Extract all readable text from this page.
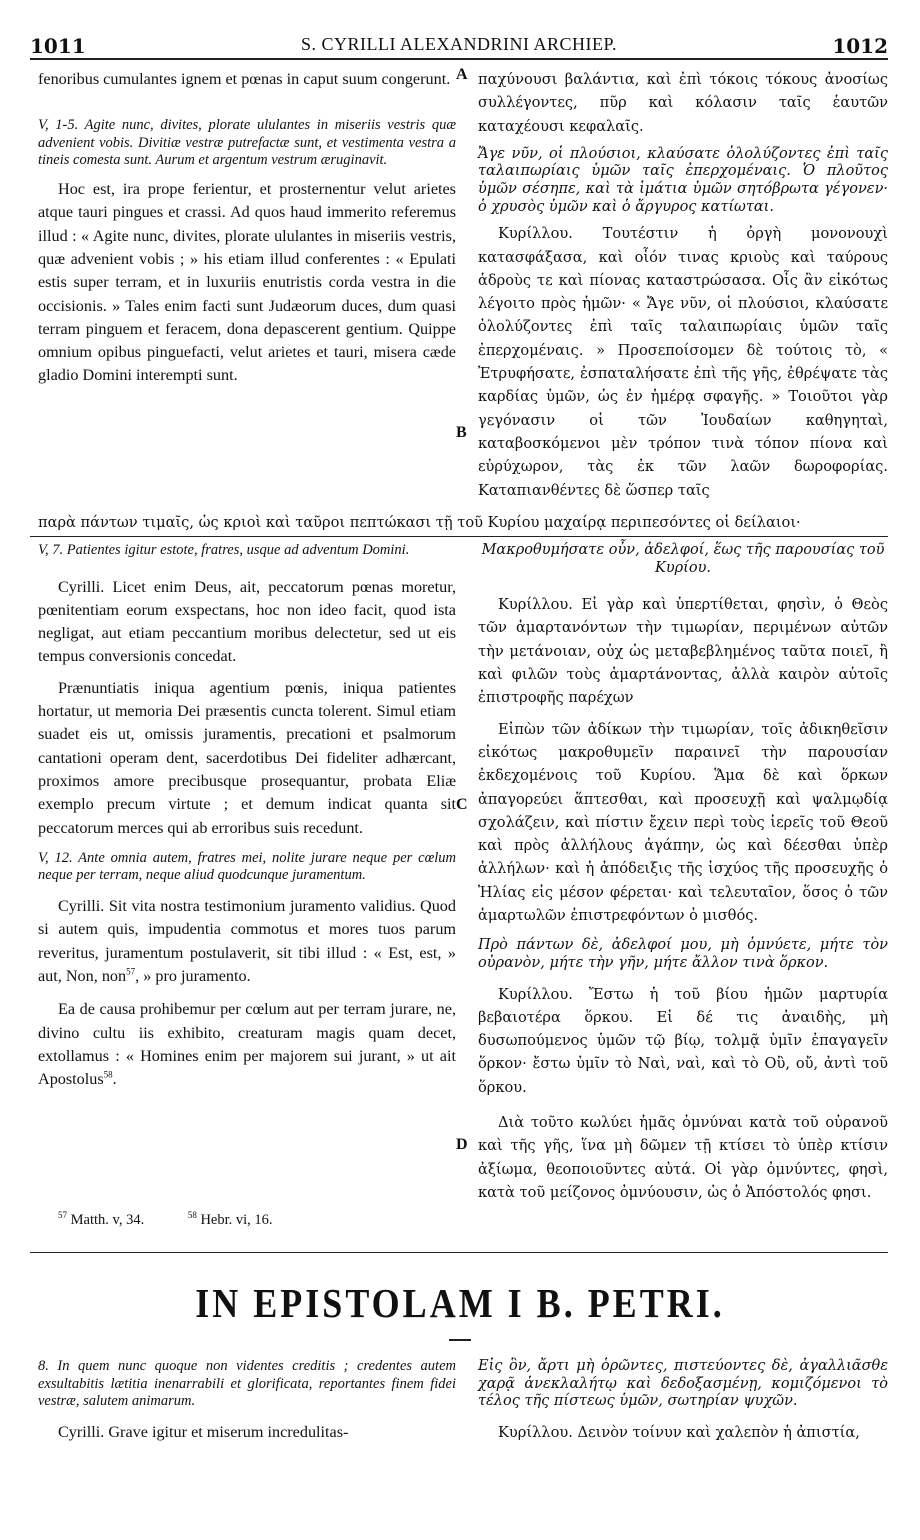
1011	S. CYRILLI ALEXANDRINI ARCHIEP.	1012
A
B
C
D

fenoribus cumulantes ignem et pœnas in caput suum congerunt.

V, 1-5. Agite nunc, divites, plorate ululantes in miseriis vestris quæ advenient vobis. Divitiæ vestræ putrefactæ sunt, et vestimenta vestra a tineis comesta sunt. Aurum et argentum vestrum æruginavit.

Hoc est, ira prope ferientur, et prosternentur velut arietes atque tauri pingues et crassi. Ad quos haud immerito referemus illud : « Agite nunc, divites, plorate ululantes in miseriis vestris, quæ advenient vobis ; » his etiam illud conferentes : « Epulati estis super terram, et in luxuriis enutristis corda vestra in die occisionis. » Tales enim facti sunt Judæorum duces, dum quasi terram pinguem et feracem, dona depascerent gentium. Quippe omnium opibus pinguefacti, velut arietes et tauri, misera cæde gladio Domini interempti sunt.

παχύνουσι βαλάντια, καὶ ἐπὶ τόκοις τόκους ἀνοσίως συλλέγοντες, πῦρ καὶ κόλασιν ταῖς ἑαυτῶν καταχέουσι κεφαλαῖς.

Ἄγε νῦν, οἱ πλούσιοι, κλαύσατε ὀλολύζοντες ἐπὶ ταῖς ταλαιπωρίαις ὑμῶν ταῖς ἐπερχομέναις. Ὁ πλοῦτος ὑμῶν σέσηπε, καὶ τὰ ἱμάτια ὑμῶν σητόβρωτα γέγονεν· ὁ χρυσὸς ὑμῶν καὶ ὁ ἄργυρος κατίωται.

Κυρίλλου. Τουτέστιν ἡ ὀργὴ μονονουχὶ κατασφάξασα, καὶ οἷόν τινας κριοὺς καὶ ταύρους ἁδροὺς τε καὶ πίονας καταστρώσασα. Οἷς ἂν εἰκότως λέγοιτο πρὸς ἡμῶν· « Ἄγε νῦν, οἱ πλούσιοι, κλαύσατε ὀλολύζοντες ἐπὶ ταῖς ταλαιπωρίαις ὑμῶν ταῖς ἐπερχομέναις. » Προσεποίσομεν δὲ τούτοις τὸ, « Ἐτρυφήσατε, ἐσπαταλήσατε ἐπὶ τῆς γῆς, ἐθρέψατε τὰς καρδίας ὑμῶν, ὡς ἐν ἡμέρᾳ σφαγῆς. » Τοιοῦτοι γὰρ γεγόνασιν οἱ τῶν Ἰουδαίων καθηγηταὶ, καταβοσκόμενοι μὲν τρόπον τινὰ τόπον πίονα καὶ εὐρύχωρον, τὰς ἐκ τῶν λαῶν δωροφορίας. Καταπιανθέντες δὲ ὥσπερ ταῖς

παρὰ πάντων τιμαῖς, ὡς κριοὶ καὶ ταῦροι πεπτώκασι τῇ τοῦ Κυρίου μαχαίρᾳ περιπεσόντες οἱ δείλαιοι·

V, 7. Patientes igitur estote, fratres, usque ad adventum Domini.

Cyrilli. Licet enim Deus, ait, peccatorum pœnas moretur, pœnitentiam eorum exspectans, hoc non ideo facit, quod ista negligat, aut etiam peccantium moribus delectetur, sed ut eis tempus conversionis concedat.

Prænuntiatis iniqua agentium pœnis, iniqua patientes hortatur, ut memoria Dei præsentis cuncta tolerent. Simul etiam suadet eis ut, omissis juramentis, precationi et psalmorum cantationi operam dent, sacerdotibus Dei fideliter adhærcant, proximos amore precibusque prosequantur, probata Eliæ exemplo precum virtute ; et demum indicat quanta sit peccatorum merces qui ab erroribus suis recedunt.

V, 12. Ante omnia autem, fratres mei, nolite jurare neque per cœlum neque per terram, neque aliud quodcunque juramentum.

Cyrilli. Sit vita nostra testimonium juramento validius. Quod si autem quis, impudentia commotus et mores tuos parum reveritus, juramentum postulaverit, sit tibi illud : « Est, est, » aut, Non, non$^{57}$, » pro juramento.

Ea de causa prohibemur per cœlum aut per terram jurare, ne, divino cultu iis exhibito, creaturam magis quam decet, extollamus : « Homines enim per majorem sui jurant, » ut ait Apostolus$^{58}$.

Μακροθυμήσατε οὖν, ἀδελφοί, ἕως τῆς παρουσίας τοῦ Κυρίου.

Κυρίλλου. Εἰ γὰρ καὶ ὑπερτίθεται, φησὶν, ὁ Θεὸς τῶν ἁμαρτανόντων τὴν τιμωρίαν, περιμένων αὐτῶν τὴν μετάνοιαν, οὐχ ὡς μεταβεβλημένος ταῦτα ποιεῖ, ἢ καὶ φιλῶν τοὺς ἁμαρτάνοντας, ἀλλὰ καιρὸν αὐτοῖς ἐπιστροφῆς παρέχων

Εἰπὼν τῶν ἀδίκων τὴν τιμωρίαν, τοῖς ἀδικηθεῖσιν εἰκότως μακροθυμεῖν παραινεῖ τὴν παρουσίαν ἐκδεχομένοις τοῦ Κυρίου. Ἅμα δὲ καὶ ὅρκων ἀπαγορεύει ἅπτεσθαι, καὶ προσευχῇ καὶ ψαλμῳδίᾳ σχολάζειν, καὶ πίστιν ἔχειν περὶ τοὺς ἱερεῖς τοῦ Θεοῦ καὶ πρὸς ἀλλήλους ἀγάπην, ὡς καὶ δέεσθαι ὑπὲρ ἀλλήλων· καὶ ἡ ἀπόδειξις τῆς ἰσχύος τῆς προσευχῆς ὁ Ἡλίας εἰς μέσον φέρεται· καὶ τελευταῖον, ὅσος ὁ τῶν ἁμαρτωλῶν ἐπιστρεφόντων ὁ μισθός.

Πρὸ πάντων δὲ, ἀδελφοί μου, μὴ ὀμνύετε, μήτε τὸν οὐρανὸν, μήτε τὴν γῆν, μήτε ἄλλον τινὰ ὅρκον.

Κυρίλλου. Ἔστω ἡ τοῦ βίου ἡμῶν μαρτυρία βεβαιοτέρα ὅρκου. Εἰ δέ τις ἀναιδὴς, μὴ δυσωπούμενος ὑμῶν τῷ βίῳ, τολμᾷ ὑμῖν ἐπαγαγεῖν ὅρκον· ἔστω ὑμῖν τὸ Ναὶ, ναὶ, καὶ τὸ Οὒ, οὔ, ἀντὶ τοῦ ὅρκου.

Διὰ τοῦτο κωλύει ἡμᾶς ὀμνύναι κατὰ τοῦ οὐρανοῦ καὶ τῆς γῆς, ἵνα μὴ δῶμεν τῇ κτίσει τὸ ὑπὲρ κτίσιν ἀξίωμα, θεοποιοῦντες αὐτά. Οἱ γὰρ ὀμνύντες, φησὶ, κατὰ τοῦ μείζονος ὀμνύουσιν, ὡς ὁ Ἀπόστολός φησι.

$^{57}$ Matth. v, 34.	$^{58}$ Hebr. vi, 16.
IN EPISTOLAM I B. PETRI.

8. In quem nunc quoque non videntes creditis ; credentes autem exsultabitis lætitia inenarrabili et glorificata, reportantes finem fidei vestræ, salutem animarum.

Cyrilli. Grave igitur et miserum incredulitas-

Εἰς ὃν, ἄρτι μὴ ὁρῶντες, πιστεύοντες δὲ, ἀγαλλιᾶσθε χαρᾷ ἀνεκλαλήτῳ καὶ δεδοξασμένῃ, κομιζόμενοι τὸ τέλος τῆς πίστεως ὑμῶν, σωτηρίαν ψυχῶν.

Κυρίλλου. Δεινὸν τοίνυν καὶ χαλεπὸν ἡ ἀπιστία,
